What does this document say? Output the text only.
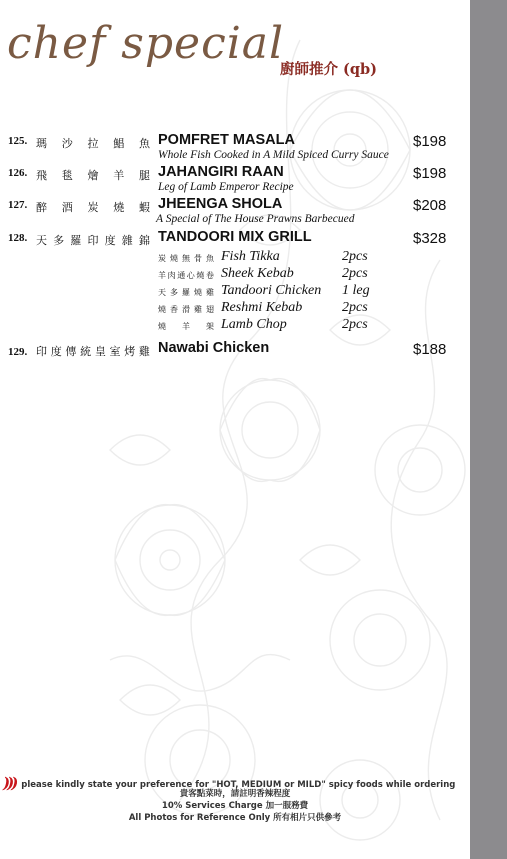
chef special
廚師推介 (qb)
125. 瑪 沙 拉 鯧 魚 POMFRET MASALA
Whole Fish Cooked in A Mild Spiced Curry Sauce
$198
126. 飛 毯 燴 羊 腿 JAHANGIRI RAAN
Leg of Lamb Emperor Recipe
$198
127. 醉 酒 炭 燒 蝦 JHEENGA SHOLA
A Special of The House Prawns Barbecued
$208
128. 天 多 羅 印 度 雜 錦 TANDOORI MIX GRILL	$328
炭 燒 無 骨 魚 Fish Tikka	2pcs
羊 肉 通 心 燒 卷 Sheek Kebab	2pcs
天 多 羅 燒 雞 Tandoori Chicken 1 leg
燒 香 滑 雞 翅 Reshmi Kebab	2pcs
燒 羊 架 Lamb Chop	2pcs
129. 印 度 傳 統 皇 室 烤 雞 Nawabi Chicken	$188
))) please kindly state your preference for "HOT, MEDIUM or MILD" spicy foods while ordering
貴客點菜時，請註明香辣程度
10% Services Charge 加一服務費
All Photos for Reference Only 所有相片只供參考
